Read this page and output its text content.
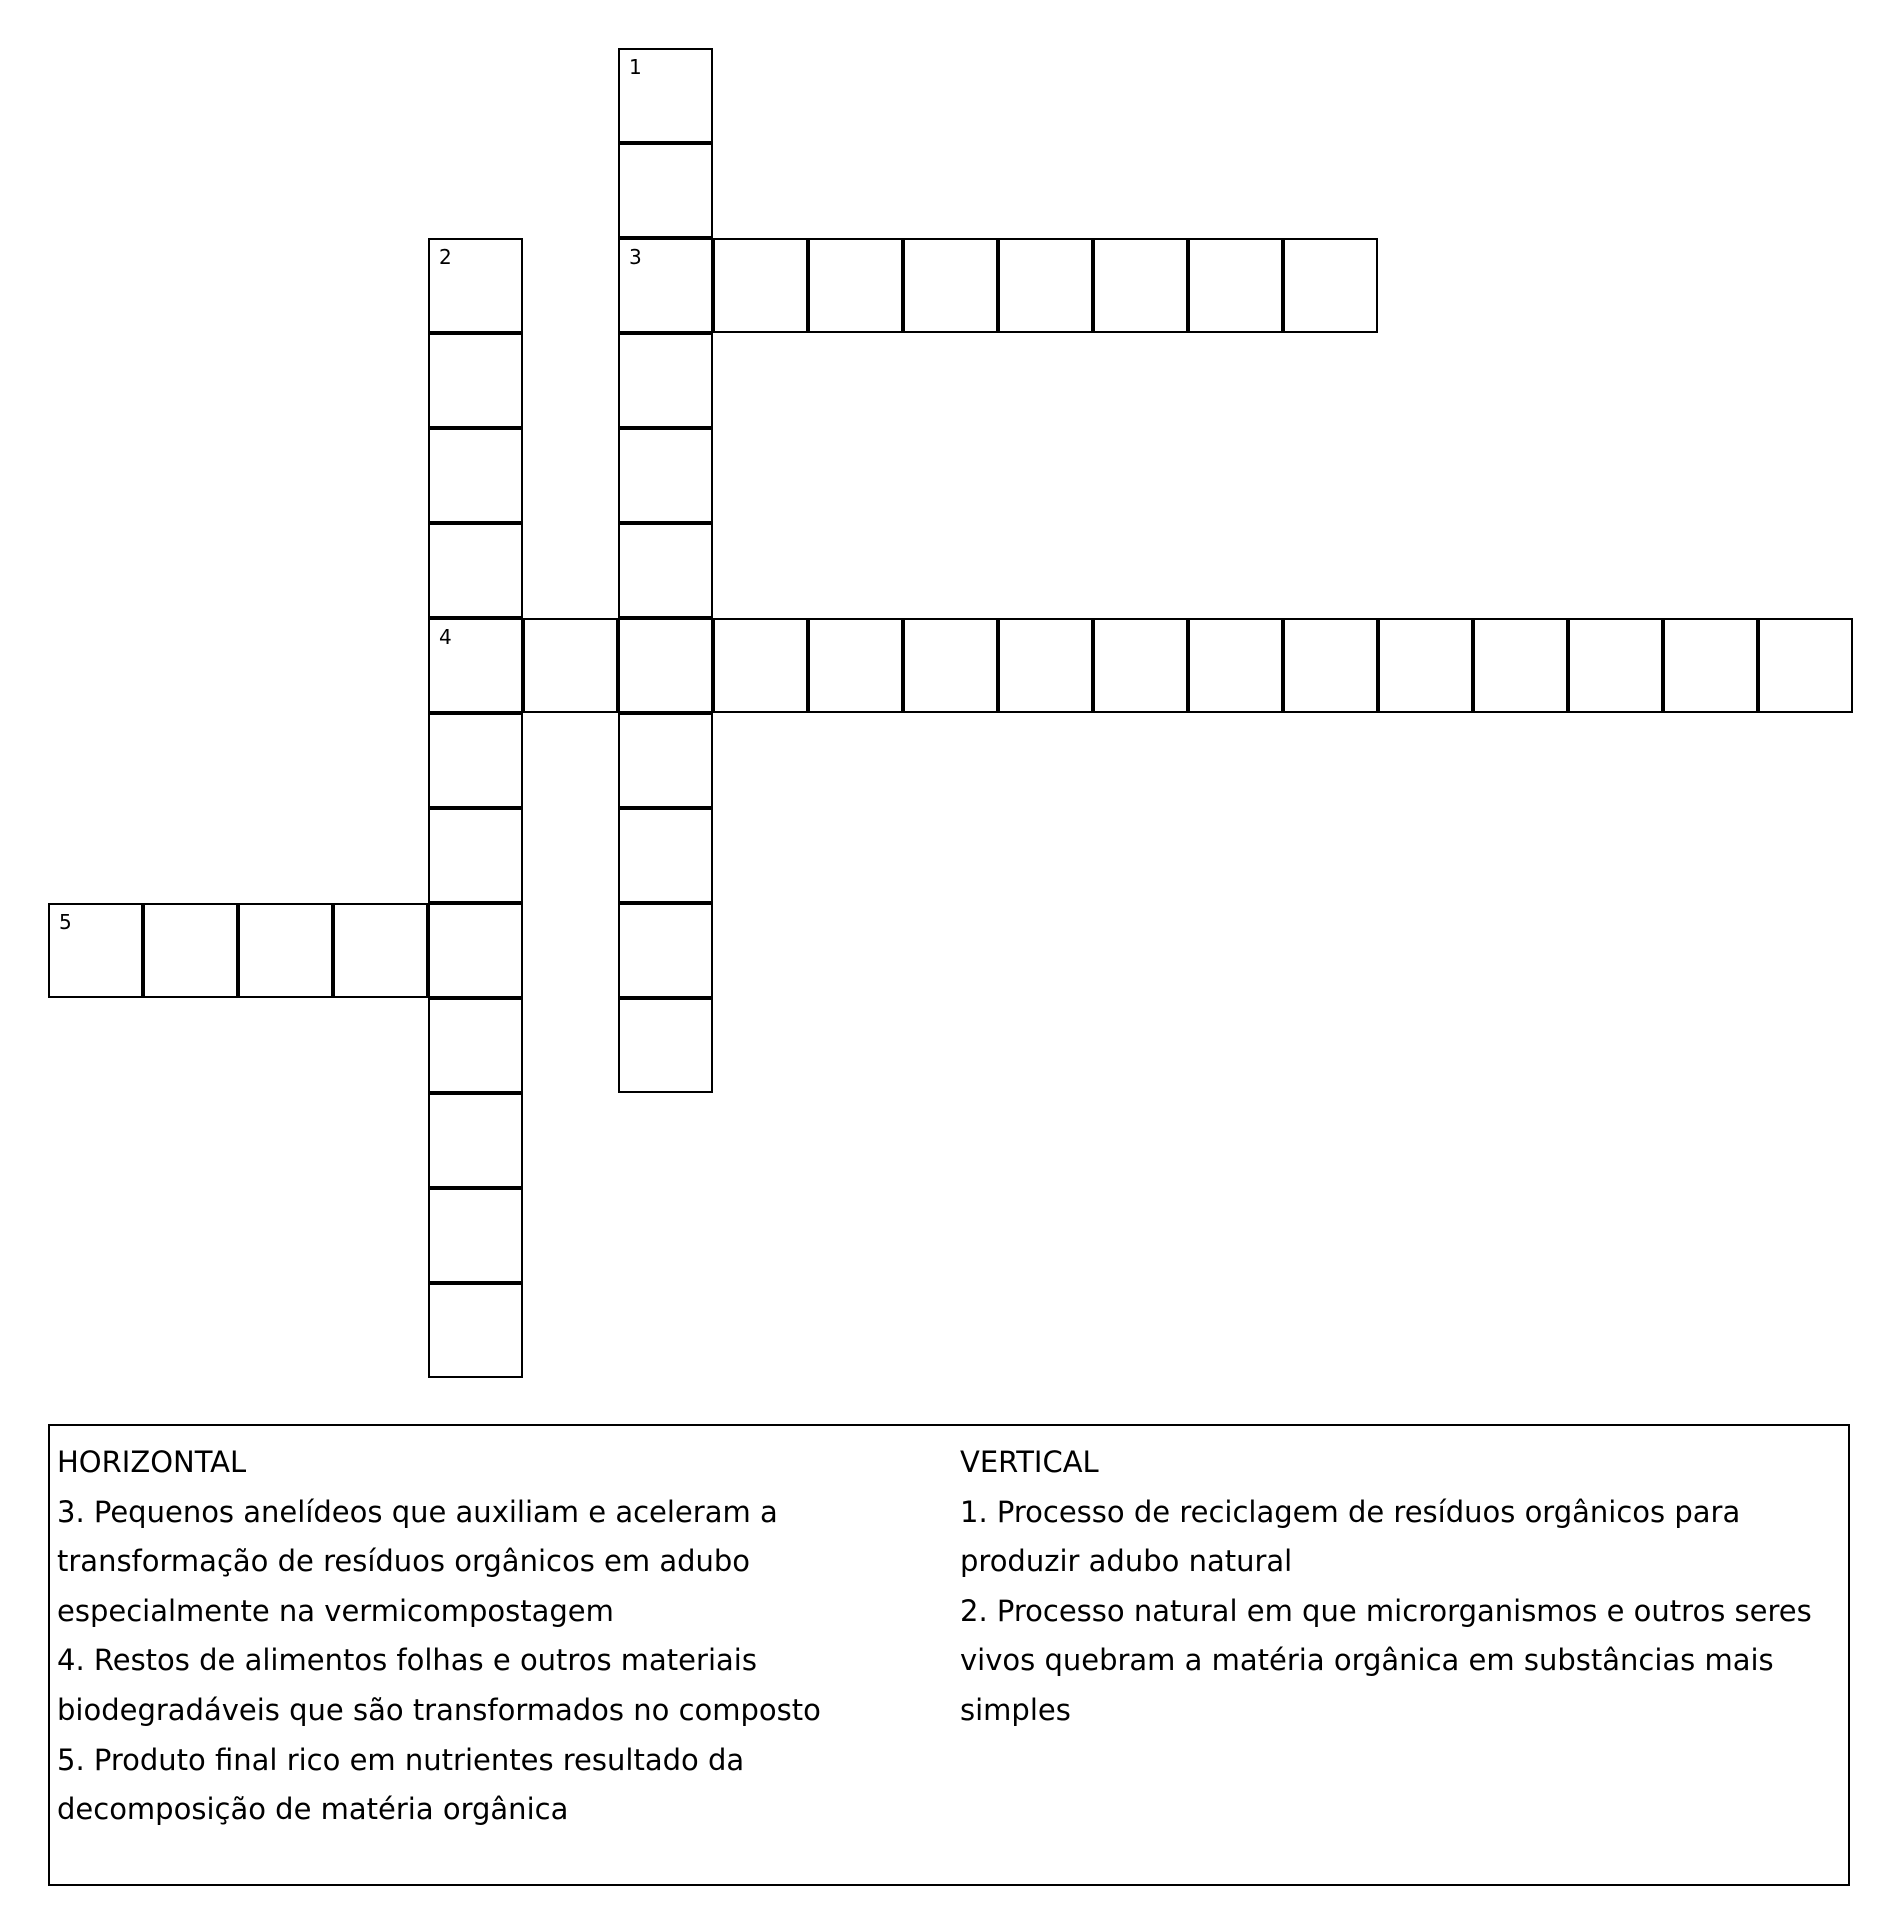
1
2	3
4
5

HORIZONTAL

3. Pequenos anelídeos que auxiliam e aceleram a transformação de resíduos orgânicos em adubo especialmente na vermicompostagem

4. Restos de alimentos folhas e outros materiais biodegradáveis que são transformados no composto

5. Produto final rico em nutrientes resultado da decomposição de matéria orgânica

VERTICAL

1. Processo de reciclagem de resíduos orgânicos para produzir adubo natural

2. Processo natural em que microrganismos e outros seres vivos quebram a matéria orgânica em substâncias mais simples
